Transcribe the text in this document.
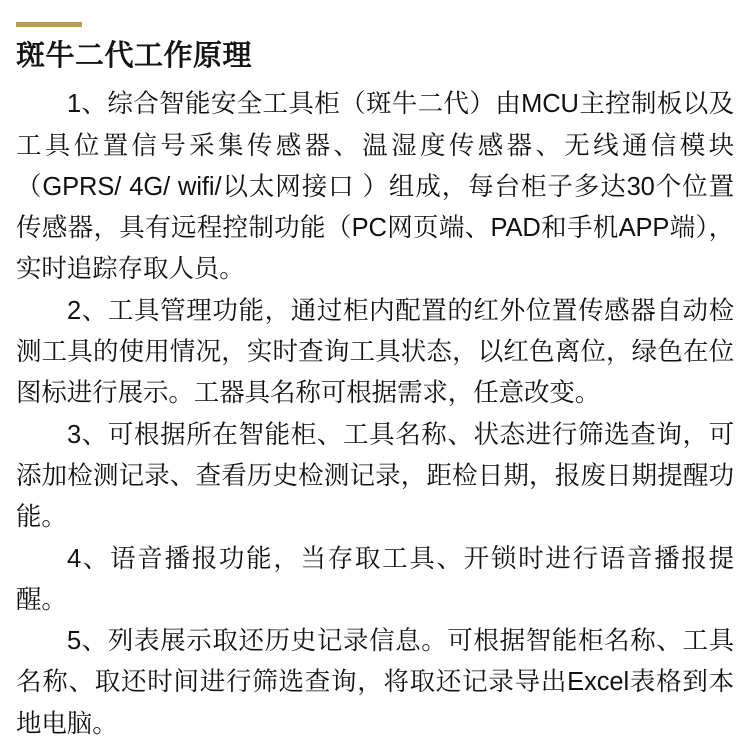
斑牛二代工作原理

1、综合智能安全工具柜（斑牛二代）由MCU主控制板以及工具位置信号采集传感器、温湿度传感器、无线通信模块（GPRS/ 4G/ wifi/以太网接口 ）组成，每台柜子多达30个位置传感器，具有远程控制功能（PC网页端、PAD和手机APP端），实时追踪存取人员。

2、工具管理功能，通过柜内配置的红外位置传感器自动检测工具的使用情况，实时查询工具状态，以红色离位，绿色在位图标进行展示。工器具名称可根据需求，任意改变。

3、可根据所在智能柜、工具名称、状态进行筛选查询，可添加检测记录、查看历史检测记录，距检日期，报废日期提醒功能。

4、语音播报功能，当存取工具、开锁时进行语音播报提醒。

5、列表展示取还历史记录信息。可根据智能柜名称、工具名称、取还时间进行筛选查询，将取还记录导出Excel表格到本地电脑。
